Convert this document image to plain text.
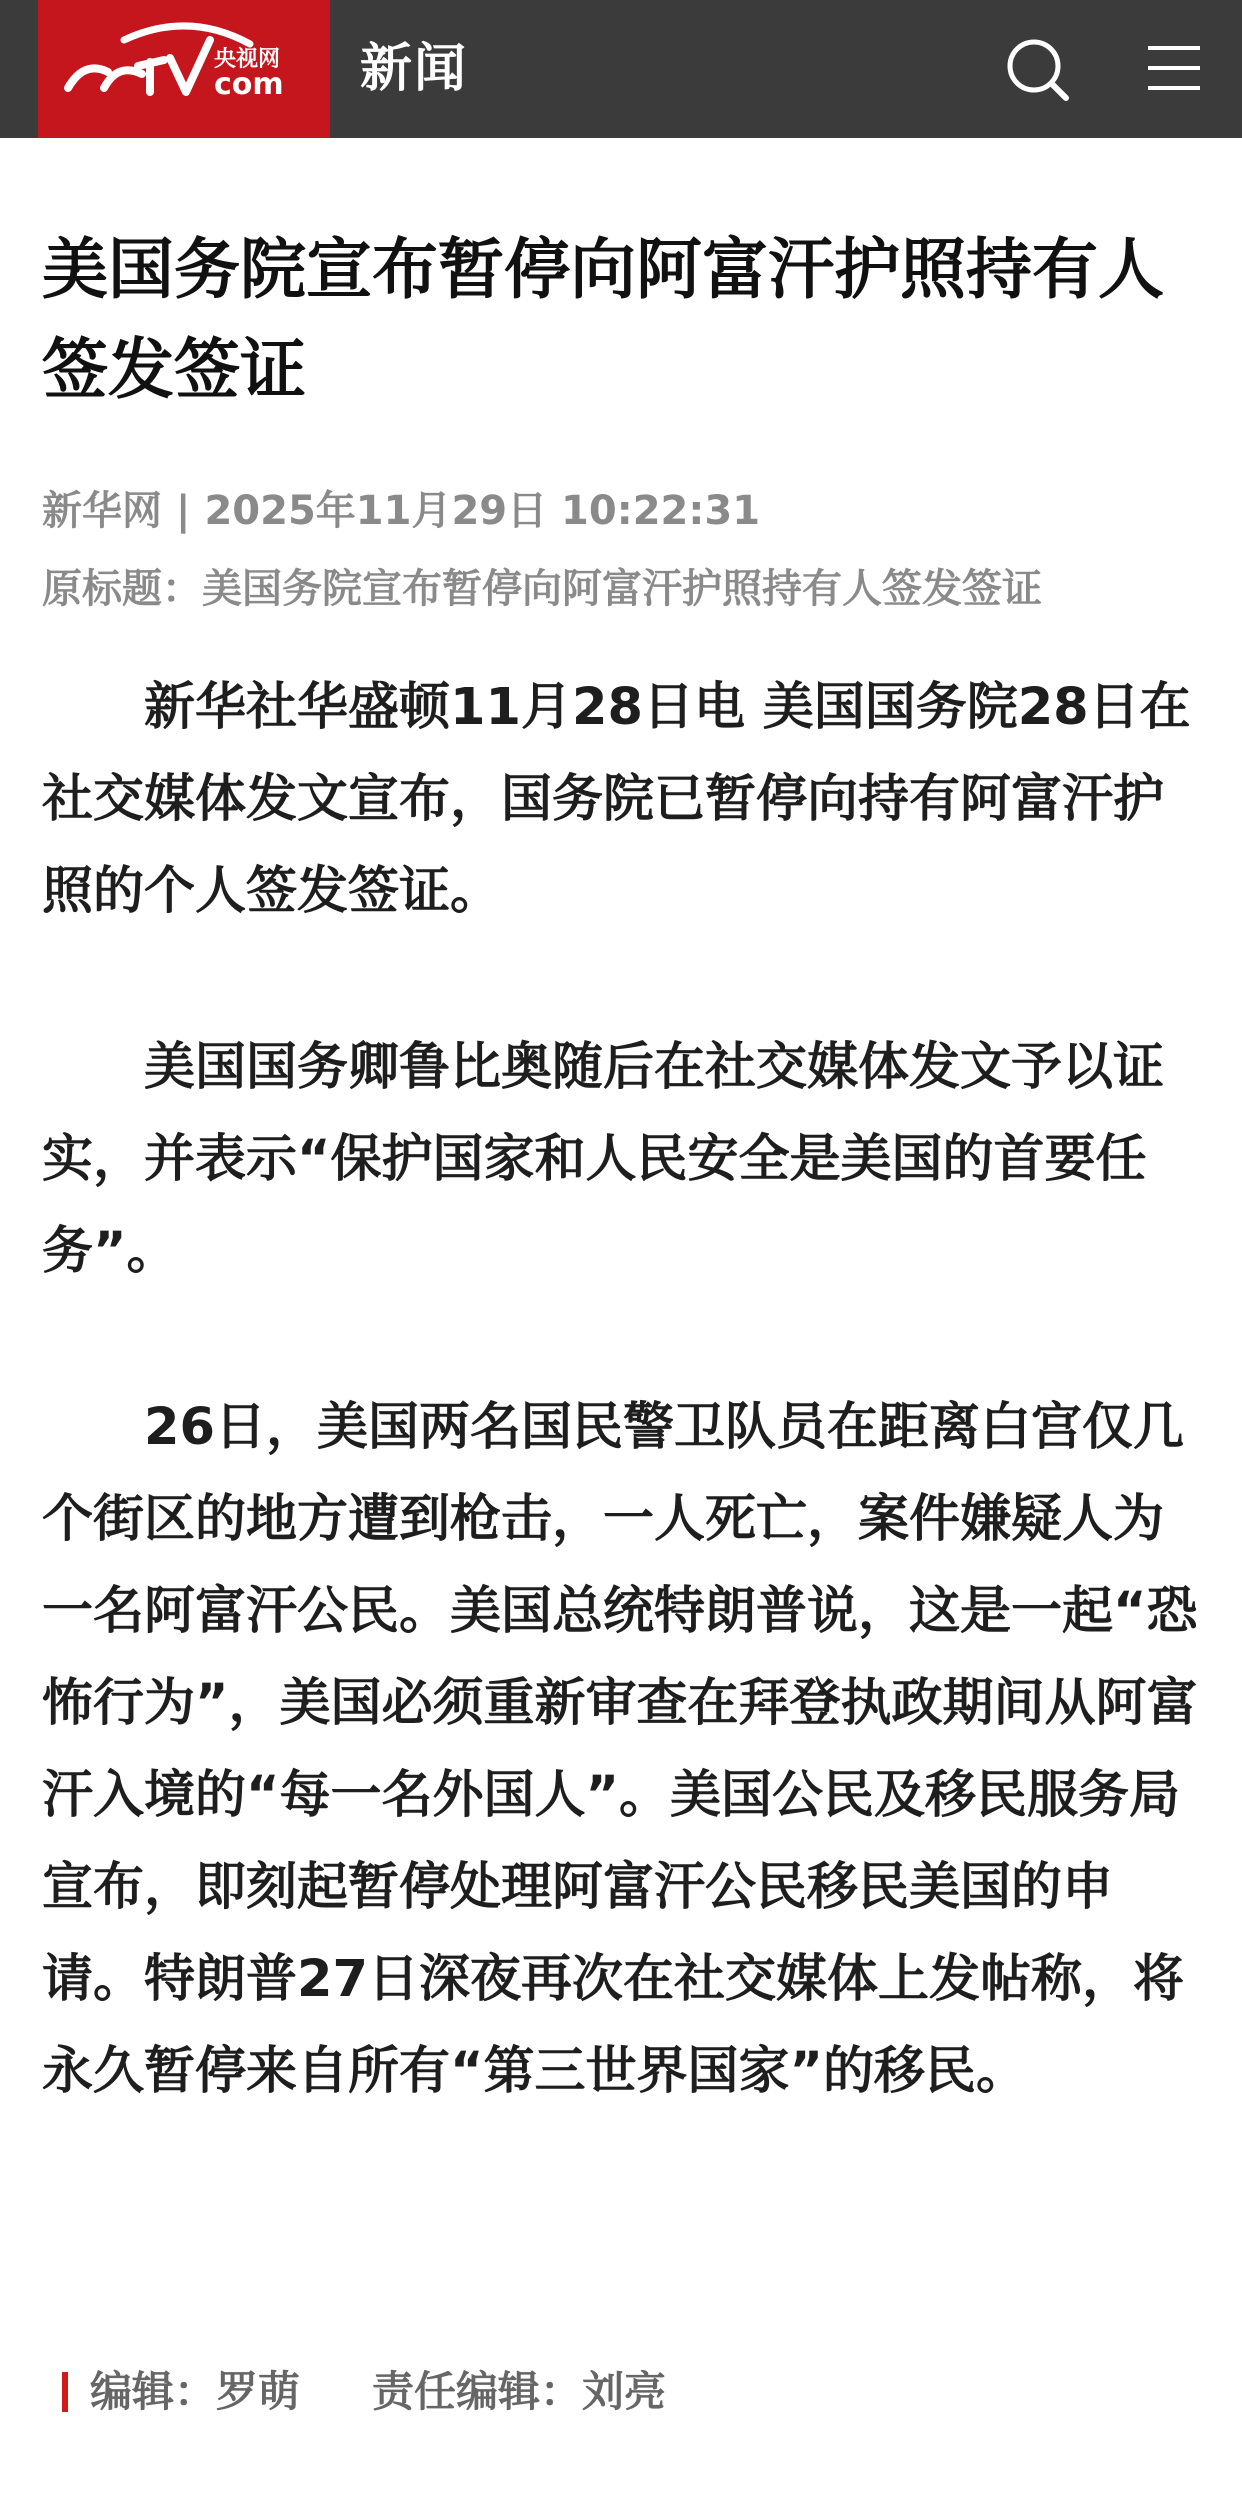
央视网
com 新闻
美国务院宣布暂停向阿富汗护照持有人签发签证
新华网 | 2025年11月29日 10:22:31
原标题：美国务院宣布暂停向阿富汗护照持有人签发签证

新华社华盛顿11月28日电 美国国务院28日在社交媒体发文宣布，国务院已暂停向持有阿富汗护照的个人签发签证。

美国国务卿鲁比奥随后在社交媒体发文予以证实，并表示“保护国家和人民安全是美国的首要任务”。

26日，美国两名国民警卫队员在距离白宫仅几个街区的地方遭到枪击，一人死亡，案件嫌疑人为一名阿富汗公民。美国总统特朗普说，这是一起“恐怖行为”，美国必须重新审查在拜登执政期间从阿富汗入境的“每一名外国人”。美国公民及移民服务局宣布，即刻起暂停处理阿富汗公民移民美国的申请。特朗普27日深夜再次在社交媒体上发帖称，将永久暂停来自所有“第三世界国家”的移民。

编辑：罗萌 责任编辑：刘亮
